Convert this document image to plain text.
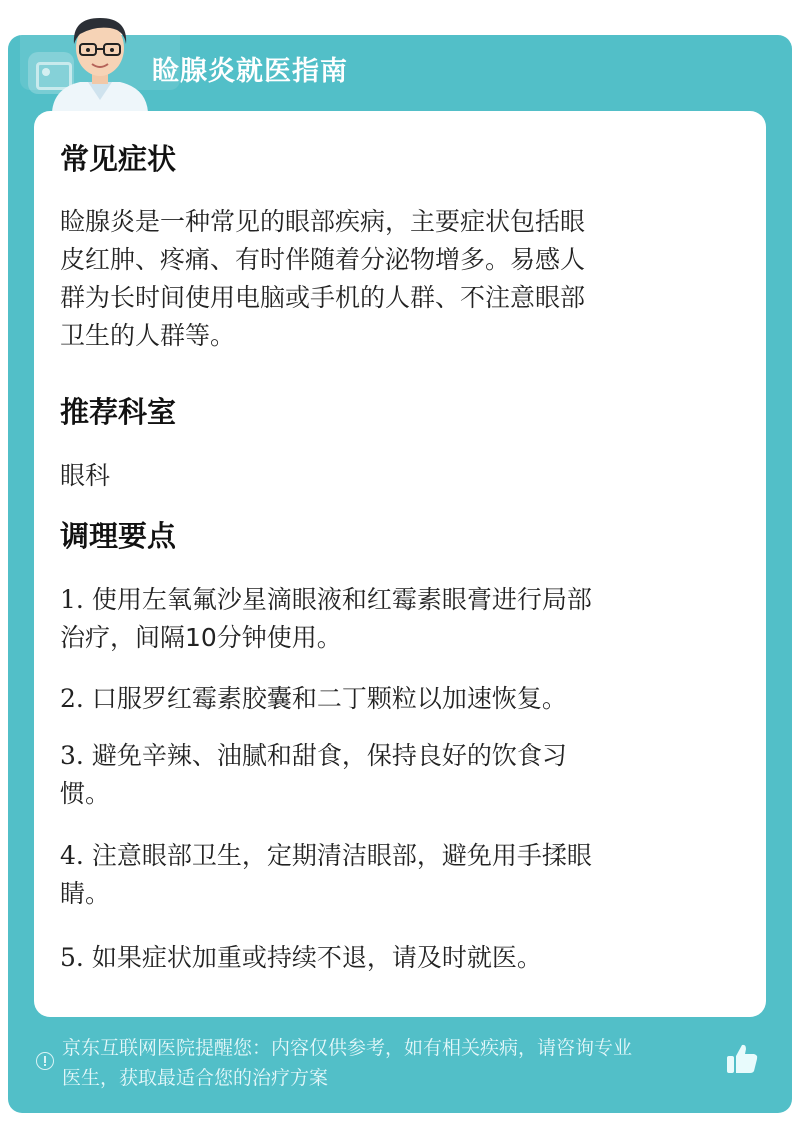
睑腺炎就医指南
常见症状
睑腺炎是一种常见的眼部疾病，主要症状包括眼
皮红肿、疼痛、有时伴随着分泌物增多。易感人
群为长时间使用电脑或手机的人群、不注意眼部
卫生的人群等。
推荐科室
眼科
调理要点
1. 使用左氧氟沙星滴眼液和红霉素眼膏进行局部
治疗，间隔10分钟使用。
2. 口服罗红霉素胶囊和二丁颗粒以加速恢复。
3. 避免辛辣、油腻和甜食，保持良好的饮食习
惯。
4. 注意眼部卫生，定期清洁眼部，避免用手揉眼
睛。
5. 如果症状加重或持续不退，请及时就医。
京东互联网医院提醒您：内容仅供参考，如有相关疾病，请咨询专业
医生，获取最适合您的治疗方案
